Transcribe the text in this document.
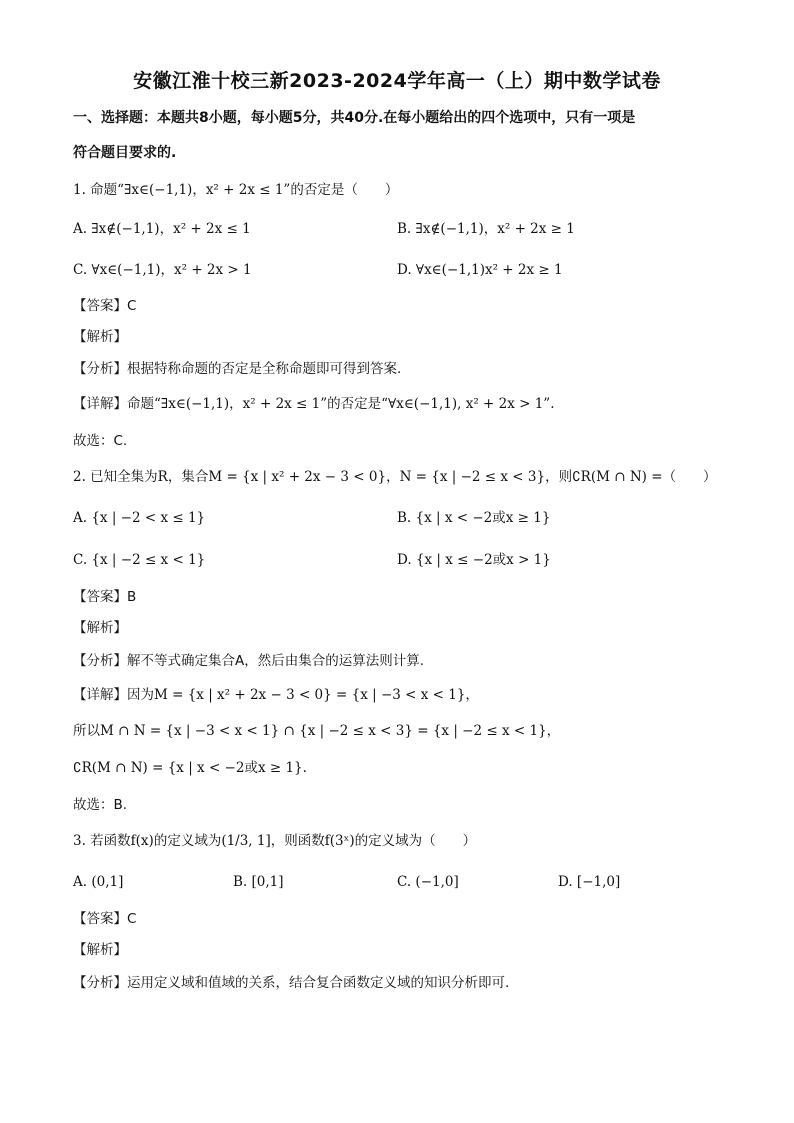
安徽江淮十校三新2023-2024学年高一（上）期中数学试卷
一、选择题：本题共8小题，每小题5分，共40分.在每小题给出的四个选项中，只有一项是
符合题目要求的.
1. 命题“∃x∈(−1,1)，x² + 2x ≤ 1”的否定是（　　）
A. ∃x∉(−1,1)，x² + 2x ≤ 1	B. ∃x∉(−1,1)，x² + 2x ≥ 1
C. ∀x∈(−1,1)，x² + 2x > 1	D. ∀x∈(−1,1)x² + 2x ≥ 1
【答案】C
【解析】
【分析】根据特称命题的否定是全称命题即可得到答案.
【详解】命题“∃x∈(−1,1)，x² + 2x ≤ 1”的否定是“∀x∈(−1,1), x² + 2x > 1”.
故选：C.
2. 已知全集为R，集合M = {x | x² + 2x − 3 < 0}，N = {x | −2 ≤ x < 3}，则∁R(M ∩ N) =（　　）
A. {x | −2 < x ≤ 1}	B. {x | x < −2或x ≥ 1}
C. {x | −2 ≤ x < 1}	D. {x | x ≤ −2或x > 1}
【答案】B
【解析】
【分析】解不等式确定集合A，然后由集合的运算法则计算.
【详解】因为M = {x | x² + 2x − 3 < 0} = {x | −3 < x < 1}，
所以M ∩ N = {x | −3 < x < 1} ∩ {x | −2 ≤ x < 3} = {x | −2 ≤ x < 1}，
∁R(M ∩ N) = {x | x < −2或x ≥ 1}.
故选：B.
3. 若函数f(x)的定义域为(1/3, 1]，则函数f(3ˣ)的定义域为（　　）
A. (0,1]	B. [0,1]	C. (−1,0]	D. [−1,0]
【答案】C
【解析】
【分析】运用定义域和值域的关系，结合复合函数定义域的知识分析即可.
